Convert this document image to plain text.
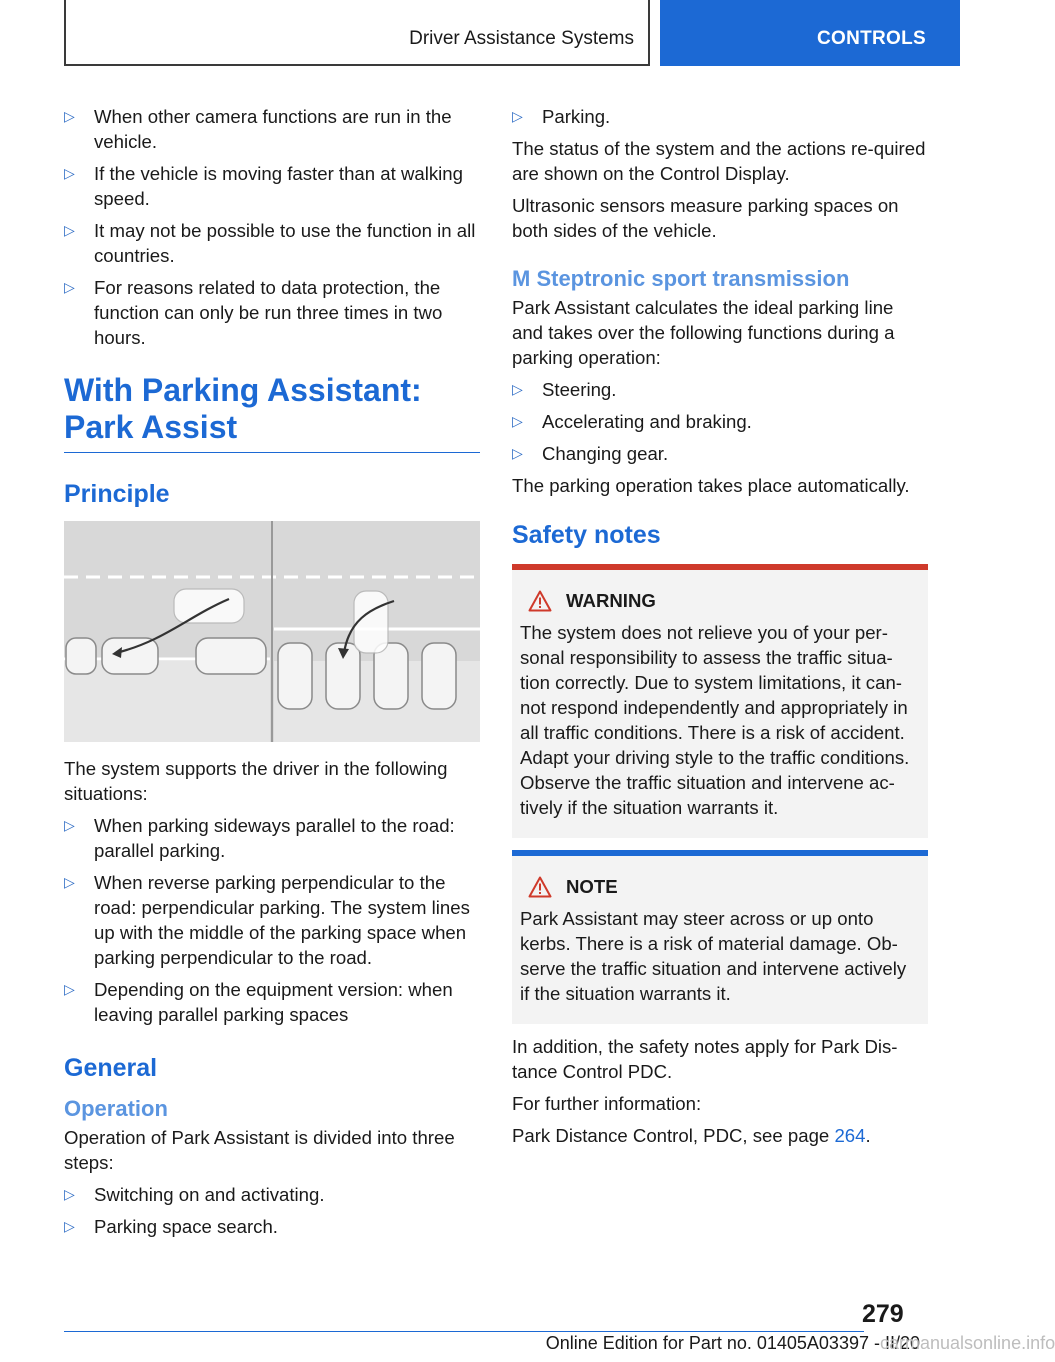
Driver Assistance Systems	CONTROLS
▷ When other camera functions are run in the vehicle.
▷ If the vehicle is moving faster than at walking speed.
▷ It may not be possible to use the function in all countries.
▷ For reasons related to data protection, the function can only be run three times in two hours.
With Parking Assistant:
Park Assist
Principle

The system supports the driver in the following situations:

▷ When parking sideways parallel to the road: parallel parking.
▷ When reverse parking perpendicular to the road: perpendicular parking. The system lines up with the middle of the parking space when parking perpendicular to the road.
▷ Depending on the equipment version: when leaving parallel parking spaces
General
Operation

Operation of Park Assistant is divided into three steps:

▷ Switching on and activating.
▷ Parking space search.
▷ Parking.

The status of the system and the actions re‐quired are shown on the Control Display.

Ultrasonic sensors measure parking spaces on both sides of the vehicle.

M Steptronic sport transmission

Park Assistant calculates the ideal parking line and takes over the following functions during a parking operation:

▷ Steering.
▷ Accelerating and braking.
▷ Changing gear.

The parking operation takes place automatically.

Safety notes
WARNING

The system does not relieve you of your per‐sonal responsibility to assess the traffic situa‐tion correctly. Due to system limitations, it can‐not respond independently and appropriately in all traffic conditions. There is a risk of accident. Adapt your driving style to the traffic conditions. Observe the traffic situation and intervene ac‐tively if the situation warrants it.

NOTE

Park Assistant may steer across or up onto kerbs. There is a risk of material damage. Ob‐serve the traffic situation and intervene actively if the situation warrants it.

In addition, the safety notes apply for Park Dis‐tance Control PDC.

For further information:

Park Distance Control, PDC, see page 264.

279
Online Edition for Part no. 01405A03397 - II/20
carmanualsonline.info
